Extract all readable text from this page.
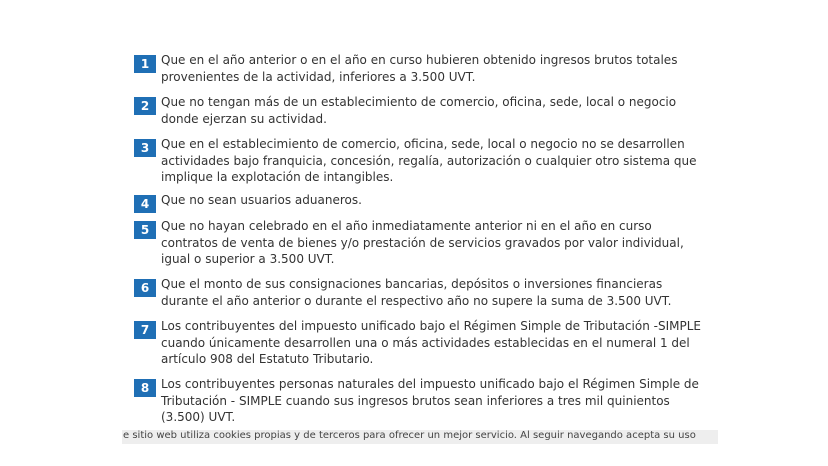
1 Que en el año anterior o en el año en curso hubieren obtenido ingresos brutos totales provenientes de la actividad, inferiores a 3.500 UVT.
2 Que no tengan más de un establecimiento de comercio, oficina, sede, local o negocio donde ejerzan su actividad.
3 Que en el establecimiento de comercio, oficina, sede, local o negocio no se desarrollen actividades bajo franquicia, concesión, regalía, autorización o cualquier otro sistema que implique la explotación de intangibles.
4 Que no sean usuarios aduaneros.
5 Que no hayan celebrado en el año inmediatamente anterior ni en el año en curso contratos de venta de bienes y/o prestación de servicios gravados por valor individual, igual o superior a 3.500 UVT.
6 Que el monto de sus consignaciones bancarias, depósitos o inversiones financieras durante el año anterior o durante el respectivo año no supere la suma de 3.500 UVT.
7 Los contribuyentes del impuesto unificado bajo el Régimen Simple de Tributación -SIMPLE cuando únicamente desarrollen una o más actividades establecidas en el numeral 1 del artículo 908 del Estatuto Tributario.
8 Los contribuyentes personas naturales del impuesto unificado bajo el Régimen Simple de Tributación - SIMPLE cuando sus ingresos brutos sean inferiores a tres mil quinientos (3.500) UVT.
e sitio web utiliza cookies propias y de terceros para ofrecer un mejor servicio. Al seguir navegando acepta su uso
